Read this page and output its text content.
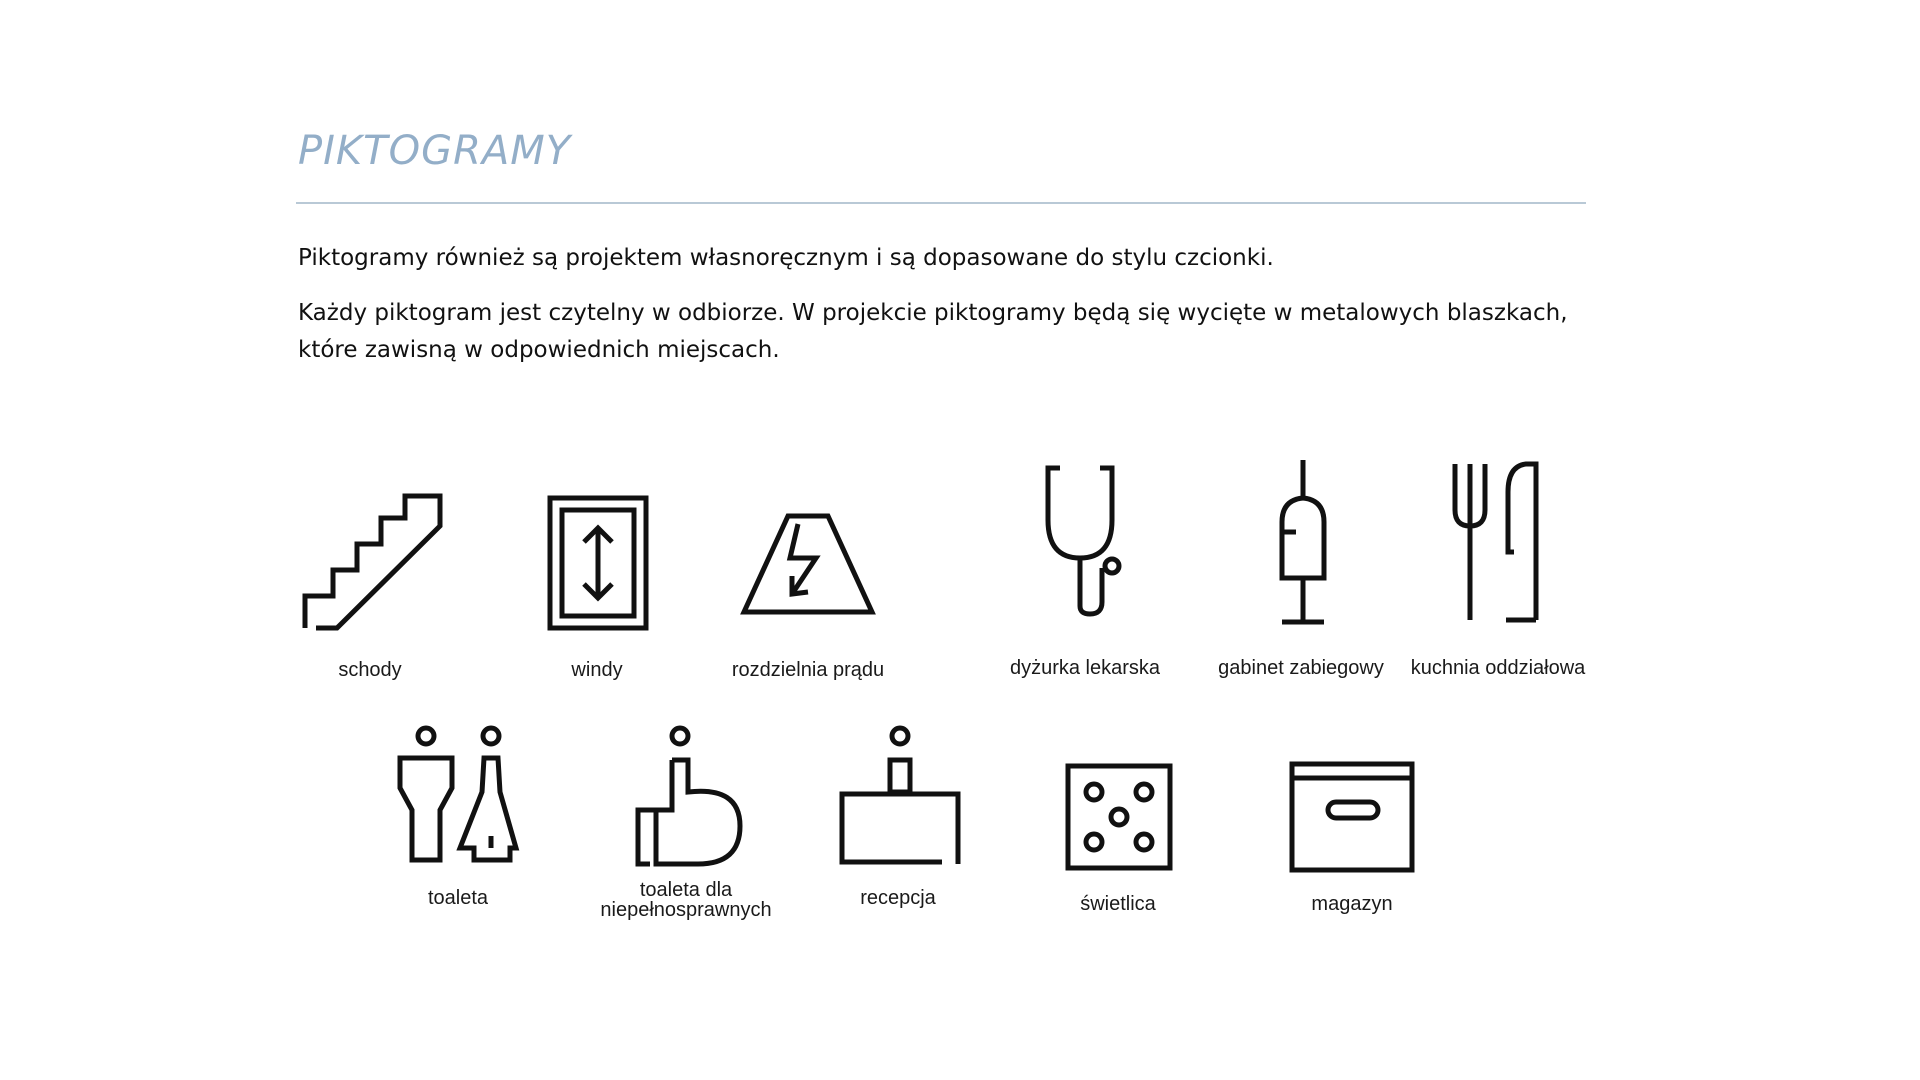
PIKTOGRAMY

Piktogramy również są projektem własnoręcznym i są dopasowane do stylu czcionki.

Każdy piktogram jest czytelny w odbiorze. W projekcie piktogramy będą się wycięte w metalowych blaszkach, które zawisną w odpowiednich miejscach.

schody	windy	rozdzielnia prądu	dyżurka lekarska	gabinet zabiegowy kuchnia oddziałowa
toaleta	toaleta dla
niepełnosprawnych
recepcja	świetlica	magazyn
